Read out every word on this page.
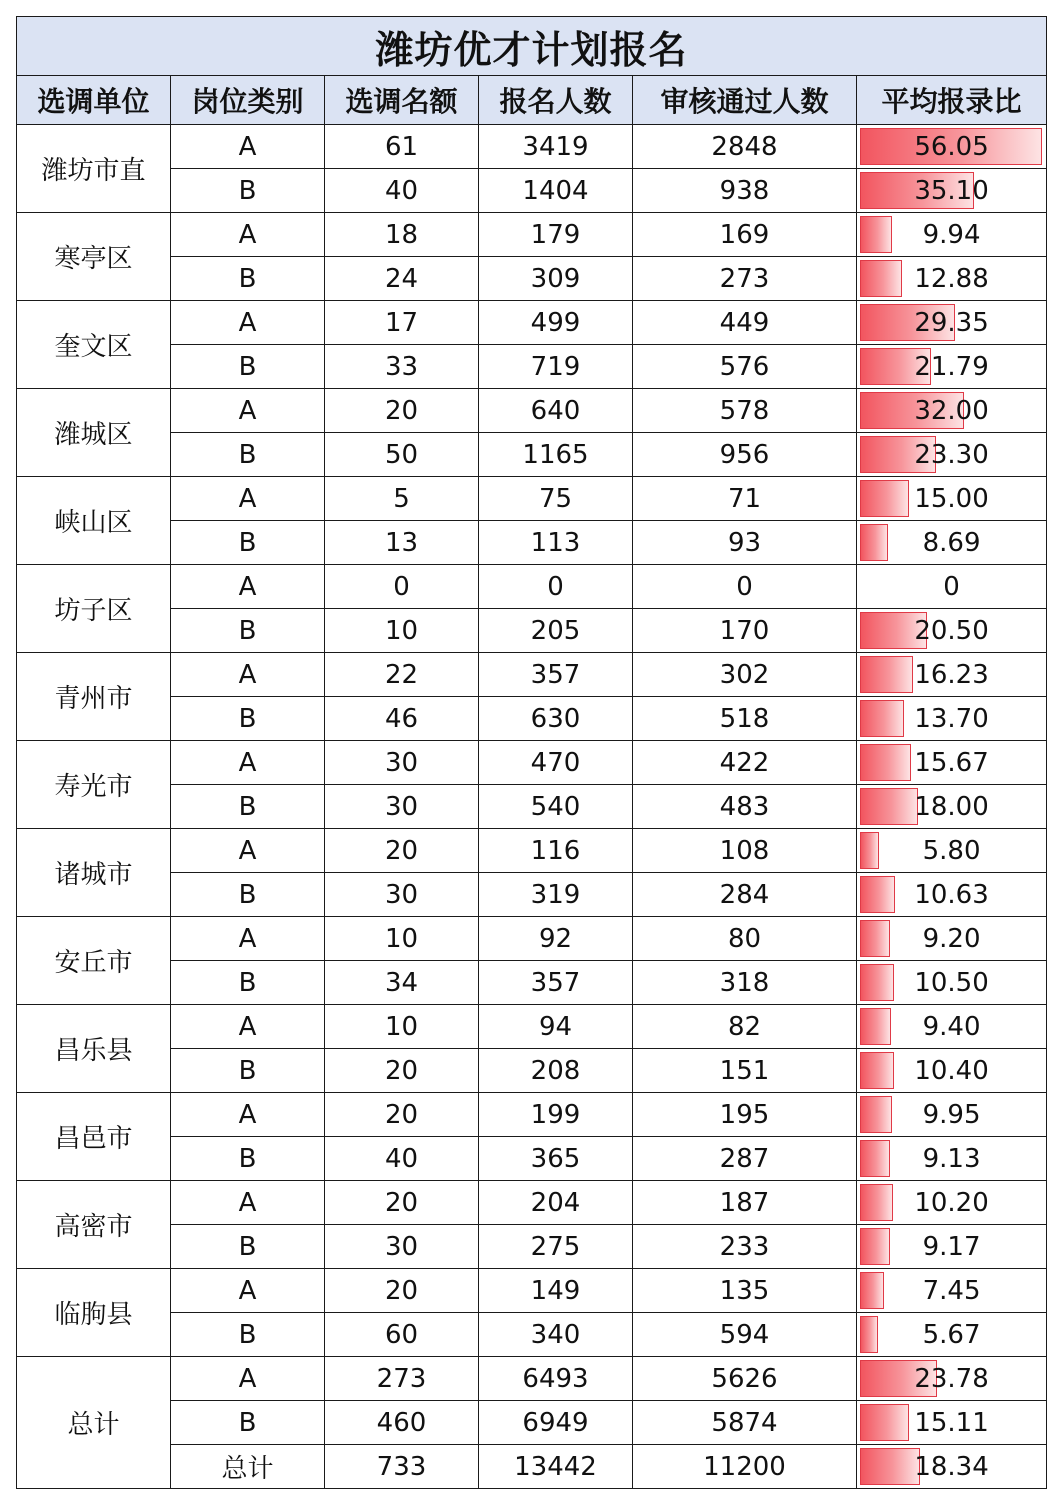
潍坊优才计划报名					
选调单位	岗位类别	选调名额	报名人数	审核通过人数	平均报录比
潍坊市直	A	61	3419	2848	56.05
	B	40	1404	938	35.10
寒亭区	A	18	179	169	9.94
	B	24	309	273	12.88
奎文区	A	17	499	449	29.35
	B	33	719	576	21.79
潍城区	A	20	640	578	32.00
	B	50	1165	956	23.30
峡山区	A	5	75	71	15.00
	B	13	113	93	8.69
坊子区	A	0	0	0	0
	B	10	205	170	20.50
青州市	A	22	357	302	16.23
	B	46	630	518	13.70
寿光市	A	30	470	422	15.67
	B	30	540	483	18.00
诸城市	A	20	116	108	5.80
	B	30	319	284	10.63
安丘市	A	10	92	80	9.20
	B	34	357	318	10.50
昌乐县	A	10	94	82	9.40
	B	20	208	151	10.40
昌邑市	A	20	199	195	9.95
	B	40	365	287	9.13
高密市	A	20	204	187	10.20
	B	30	275	233	9.17
临朐县	A	20	149	135	7.45
	B	60	340	594	5.67
总计	A	273	6493	5626	23.78
	B	460	6949	5874	15.11
	总计	733	13442	11200	18.34
